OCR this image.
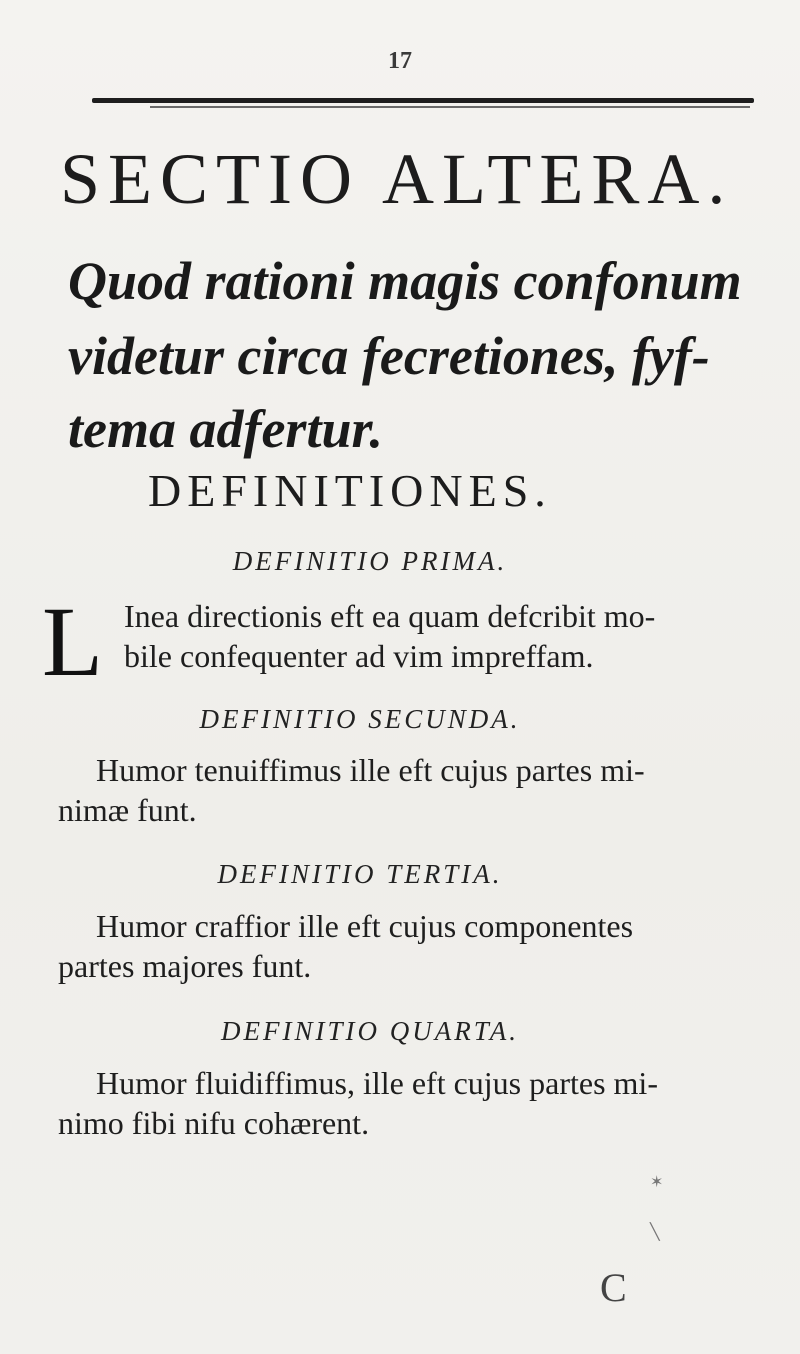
17
SECTIO ALTERA.
Quod rationi magis confonum
videtur circa fecretiones, fyf-
tema adfertur.
DEFINITIONES.
DEFINITIO PRIMA.
L Inea directionis eft ea quam defcribit mo-
bile confequenter ad vim impreffam.
DEFINITIO SECUNDA.
Humor tenuiffimus ille eft cujus partes mi-
nimæ funt.
DEFINITIO TERTIA.
Humor craffior ille eft cujus componentes
partes majores funt.
DEFINITIO QUARTA.
Humor fluidiffimus, ille eft cujus partes mi-
nimo fibi nifu cohærent.
✶
╲
C
